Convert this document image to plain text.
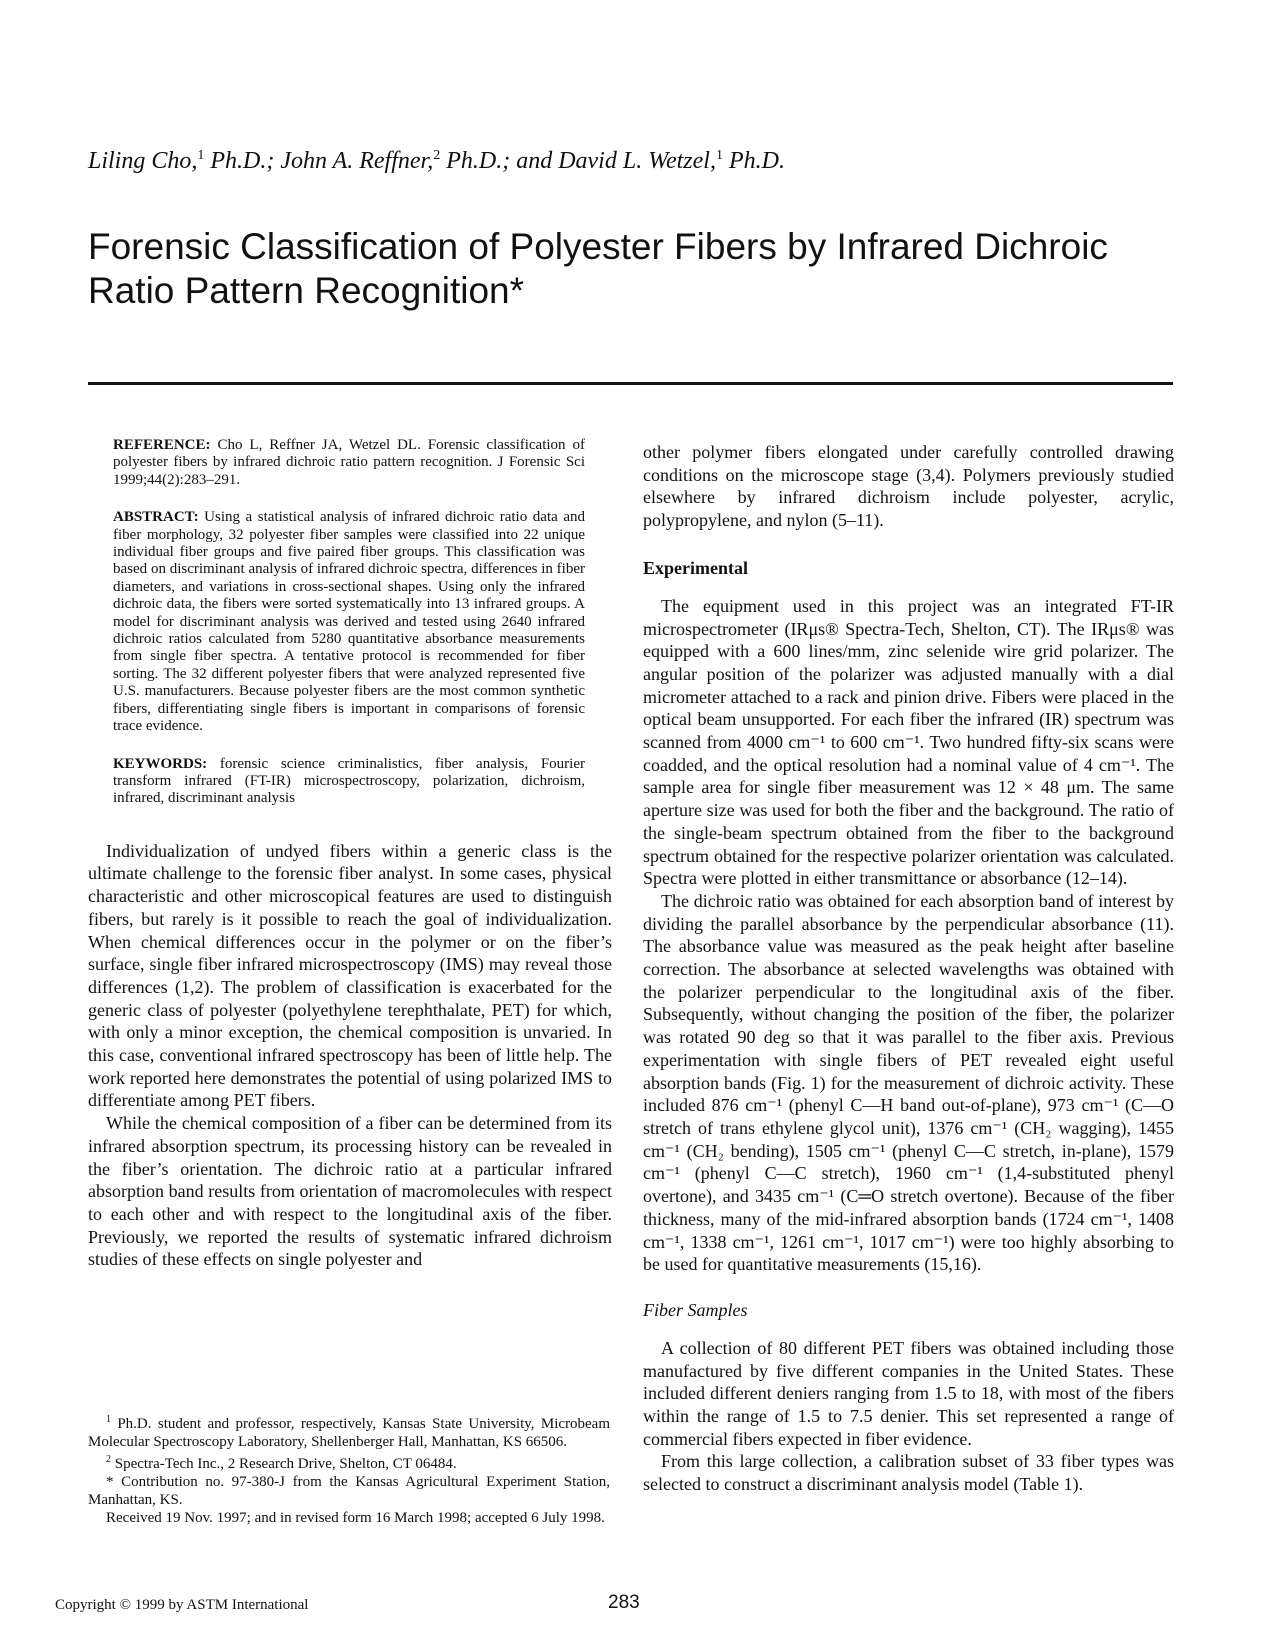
Liling Cho,$^1$ Ph.D.; John A. Reffner,$^2$ Ph.D.; and David L. Wetzel,$^1$ Ph.D.
Forensic Classification of Polyester Fibers by Infrared Dichroic
Ratio Pattern Recognition*
REFERENCE: Cho L, Reffner JA, Wetzel DL. Forensic classification of polyester fibers by infrared dichroic ratio pattern recognition. J Forensic Sci 1999;44(2):283–291.
ABSTRACT: Using a statistical analysis of infrared dichroic ratio data and fiber morphology, 32 polyester fiber samples were classified into 22 unique individual fiber groups and five paired fiber groups. This classification was based on discriminant analysis of infrared dichroic spectra, differences in fiber diameters, and variations in cross-sectional shapes. Using only the infrared dichroic data, the fibers were sorted systematically into 13 infrared groups. A model for discriminant analysis was derived and tested using 2640 infrared dichroic ratios calculated from 5280 quantitative absorbance measurements from single fiber spectra. A tentative protocol is recommended for fiber sorting. The 32 different polyester fibers that were analyzed represented five U.S. manufacturers. Because polyester fibers are the most common synthetic fibers, differentiating single fibers is important in comparisons of forensic trace evidence.
KEYWORDS: forensic science criminalistics, fiber analysis, Fourier transform infrared (FT-IR) microspectroscopy, polarization, dichroism, infrared, discriminant analysis

Individualization of undyed fibers within a generic class is the ultimate challenge to the forensic fiber analyst. In some cases, physical characteristic and other microscopical features are used to distinguish fibers, but rarely is it possible to reach the goal of individualization. When chemical differences occur in the polymer or on the fiber’s surface, single fiber infrared microspectroscopy (IMS) may reveal those differences (1,2). The problem of classification is exacerbated for the generic class of polyester (polyethylene terephthalate, PET) for which, with only a minor exception, the chemical composition is unvaried. In this case, conventional infrared spectroscopy has been of little help. The work reported here demonstrates the potential of using polarized IMS to differentiate among PET fibers.

While the chemical composition of a fiber can be determined from its infrared absorption spectrum, its processing history can be revealed in the fiber’s orientation. The dichroic ratio at a particular infrared absorption band results from orientation of macromolecules with respect to each other and with respect to the longitudinal axis of the fiber. Previously, we reported the results of systematic infrared dichroism studies of these effects on single polyester and

$^1$ Ph.D. student and professor, respectively, Kansas State University, Microbeam Molecular Spectroscopy Laboratory, Shellenberger Hall, Manhattan, KS 66506.

$^2$ Spectra-Tech Inc., 2 Research Drive, Shelton, CT 06484.

* Contribution no. 97-380-J from the Kansas Agricultural Experiment Station, Manhattan, KS.

Received 19 Nov. 1997; and in revised form 16 March 1998; accepted 6 July 1998.

other polymer fibers elongated under carefully controlled drawing conditions on the microscope stage (3,4). Polymers previously studied elsewhere by infrared dichroism include polyester, acrylic, polypropylene, and nylon (5–11).

Experimental

The equipment used in this project was an integrated FT-IR microspectrometer (IRμs® Spectra-Tech, Shelton, CT). The IRμs® was equipped with a 600 lines/mm, zinc selenide wire grid polarizer. The angular position of the polarizer was adjusted manually with a dial micrometer attached to a rack and pinion drive. Fibers were placed in the optical beam unsupported. For each fiber the infrared (IR) spectrum was scanned from 4000 cm⁻¹ to 600 cm⁻¹. Two hundred fifty-six scans were coadded, and the optical resolution had a nominal value of 4 cm⁻¹. The sample area for single fiber measurement was 12 × 48 μm. The same aperture size was used for both the fiber and the background. The ratio of the single-beam spectrum obtained from the fiber to the background spectrum obtained for the respective polarizer orientation was calculated. Spectra were plotted in either transmittance or absorbance (12–14).

The dichroic ratio was obtained for each absorption band of interest by dividing the parallel absorbance by the perpendicular absorbance (11). The absorbance value was measured as the peak height after baseline correction. The absorbance at selected wavelengths was obtained with the polarizer perpendicular to the longitudinal axis of the fiber. Subsequently, without changing the position of the fiber, the polarizer was rotated 90 deg so that it was parallel to the fiber axis. Previous experimentation with single fibers of PET revealed eight useful absorption bands (Fig. 1) for the measurement of dichroic activity. These included 876 cm⁻¹ (phenyl C—H band out-of-plane), 973 cm⁻¹ (C—O stretch of trans ethylene glycol unit), 1376 cm⁻¹ (CH₂ wagging), 1455 cm⁻¹ (CH₂ bending), 1505 cm⁻¹ (phenyl C—C stretch, in-plane), 1579 cm⁻¹ (phenyl C—C stretch), 1960 cm⁻¹ (1,4-substituted phenyl overtone), and 3435 cm⁻¹ (C═O stretch overtone). Because of the fiber thickness, many of the mid-infrared absorption bands (1724 cm⁻¹, 1408 cm⁻¹, 1338 cm⁻¹, 1261 cm⁻¹, 1017 cm⁻¹) were too highly absorbing to be used for quantitative measurements (15,16).

Fiber Samples

A collection of 80 different PET fibers was obtained including those manufactured by five different companies in the United States. These included different deniers ranging from 1.5 to 18, with most of the fibers within the range of 1.5 to 7.5 denier. This set represented a range of commercial fibers expected in fiber evidence.

From this large collection, a calibration subset of 33 fiber types was selected to construct a discriminant analysis model (Table 1).

Copyright © 1999 by ASTM International	283
